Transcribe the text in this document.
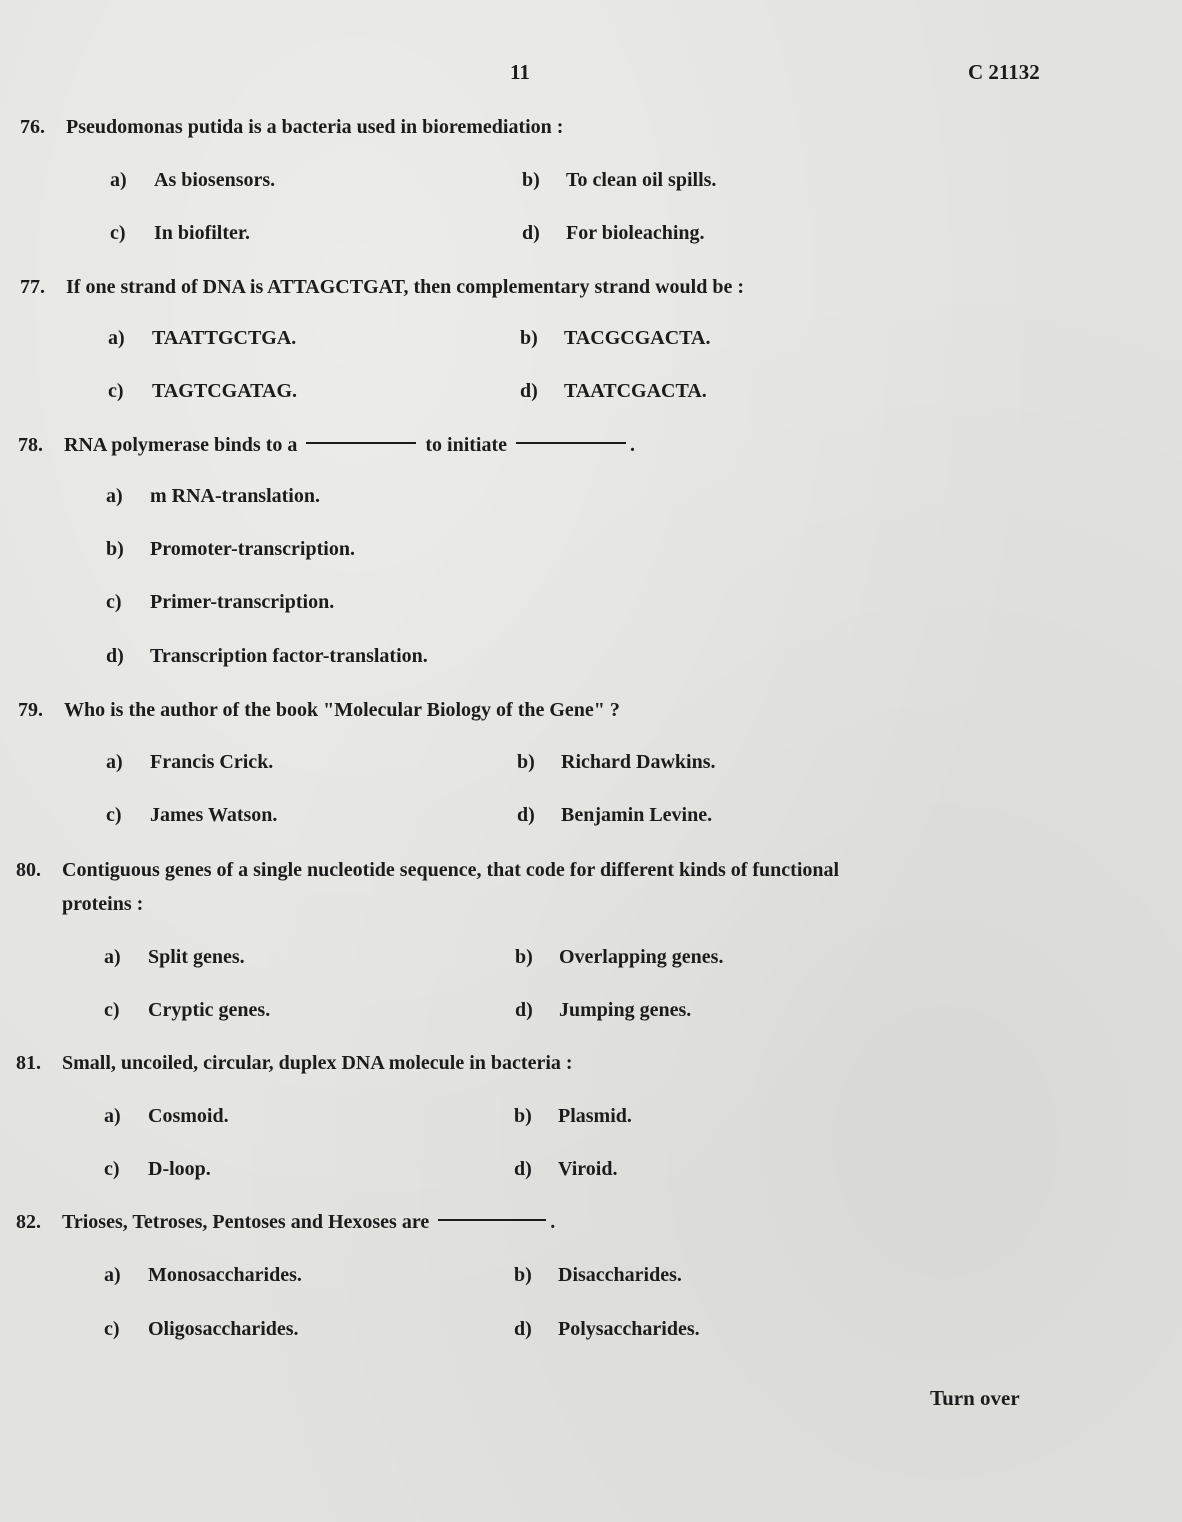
11	C 21132
76. Pseudomonas putida is a bacteria used in bioremediation :
a) As biosensors.	b) To clean oil spills.
c) In biofilter.	d) For bioleaching.
77. If one strand of DNA is ATTAGCTGAT, then complementary strand would be :
a) TAATTGCTGA.	b) TACGCGACTA.
c) TAGTCGATAG.	d) TAATCGACTA.
78. RNA polymerase binds to a	to initiate	.
a) m RNA-translation.
b) Promoter-transcription.
c) Primer-transcription.
d) Transcription factor-translation.
79. Who is the author of the book "Molecular Biology of the Gene" ?
a) Francis Crick.	b) Richard Dawkins.
c) James Watson.	d) Benjamin Levine.
80. Contiguous genes of a single nucleotide sequence, that code for different kinds of functional
proteins :
a) Split genes.	b) Overlapping genes.
c) Cryptic genes.	d) Jumping genes.
81. Small, uncoiled, circular, duplex DNA molecule in bacteria :
a) Cosmoid.	b) Plasmid.
c) D-loop.	d) Viroid.
82. Trioses, Tetroses, Pentoses and Hexoses are	.
a) Monosaccharides.	b) Disaccharides.
c) Oligosaccharides.	d) Polysaccharides.
Turn over
